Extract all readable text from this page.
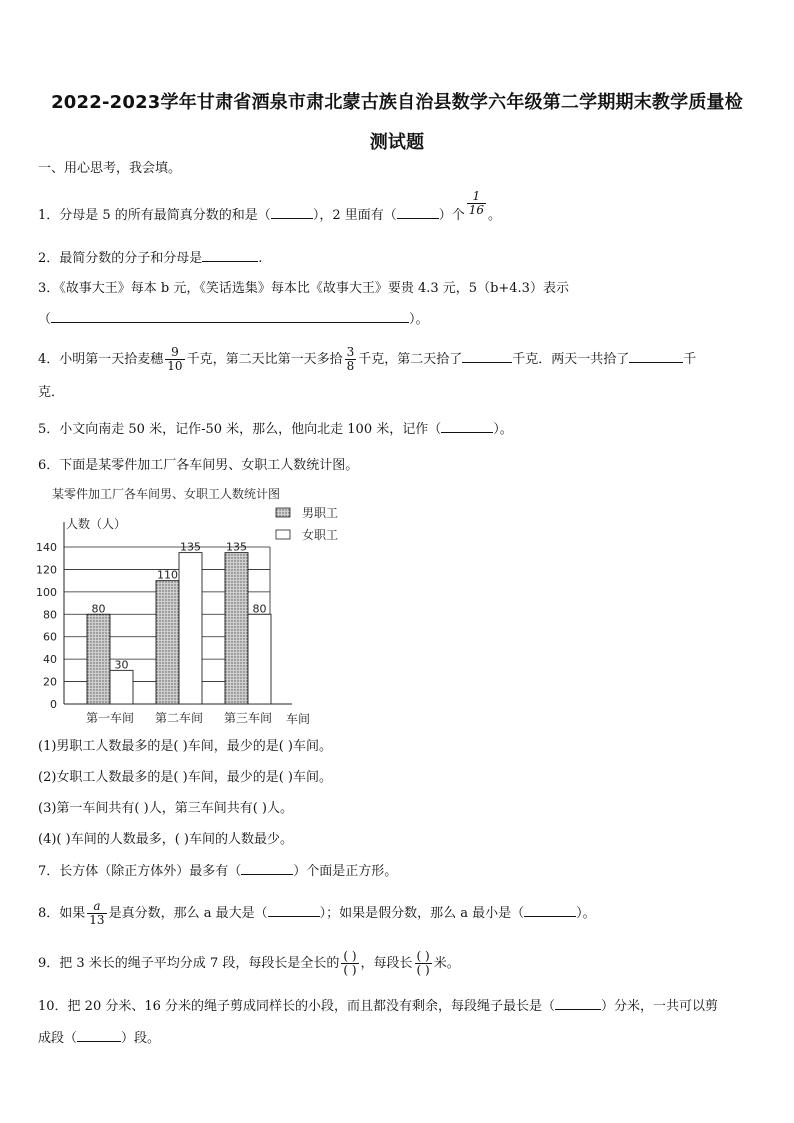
2022-2023学年甘肃省酒泉市肃北蒙古族自治县数学六年级第二学期期末教学质量检
测试题
一、用心思考，我会填。
1．分母是 5 的所有最简真分数的和是（	），2 里面有（	）个 $\frac{1}{16}$ 。
2．最简分数的分子和分母是	.
3．《故事大王》每本 b 元，《笑话选集》每本比《故事大王》要贵 4.3 元，5（b+4.3）表示
（	）。
4．小明第一天拾麦穗 $\frac{9}{10}$ 千克，第二天比第一天多拾 $\frac{3}{8}$ 千克，第二天拾了	千克．两天一共拾了	千
克．
5．小文向南走 50 米，记作-50 米，那么，他向北走 100 米，记作（	）。
6．下面是某零件加工厂各车间男、女职工人数统计图。
某零件加工厂各车间男、女职工人数统计图
0
20
40
60
80
100
120
140
人数（人）
80
30
第一车间
110
135
第二车间
135
80
第三车间 车间
男职工
女职工
(1)男职工人数最多的是( )车间，最少的是( )车间。
(2)女职工人数最多的是( )车间，最少的是( )车间。
(3)第一车间共有( )人，第三车间共有( )人。
(4)( )车间的人数最多，( )车间的人数最少。
7．长方体（除正方体外）最多有（	）个面是正方形。
8．如果 $\frac{a}{13}$ 是真分数，那么 a 最大是（	）；如果是假分数，那么 a 最小是（	）。
9．把 3 米长的绳子平均分成 7 段，每段长是全长的 $\frac{( )}{( )}$ ，每段长 $\frac{( )}{( )}$ 米。
10．把 20 分米、16 分米的绳子剪成同样长的小段，而且都没有剩余，每段绳子最长是（	）分米，一共可以剪
成段（	）段。
